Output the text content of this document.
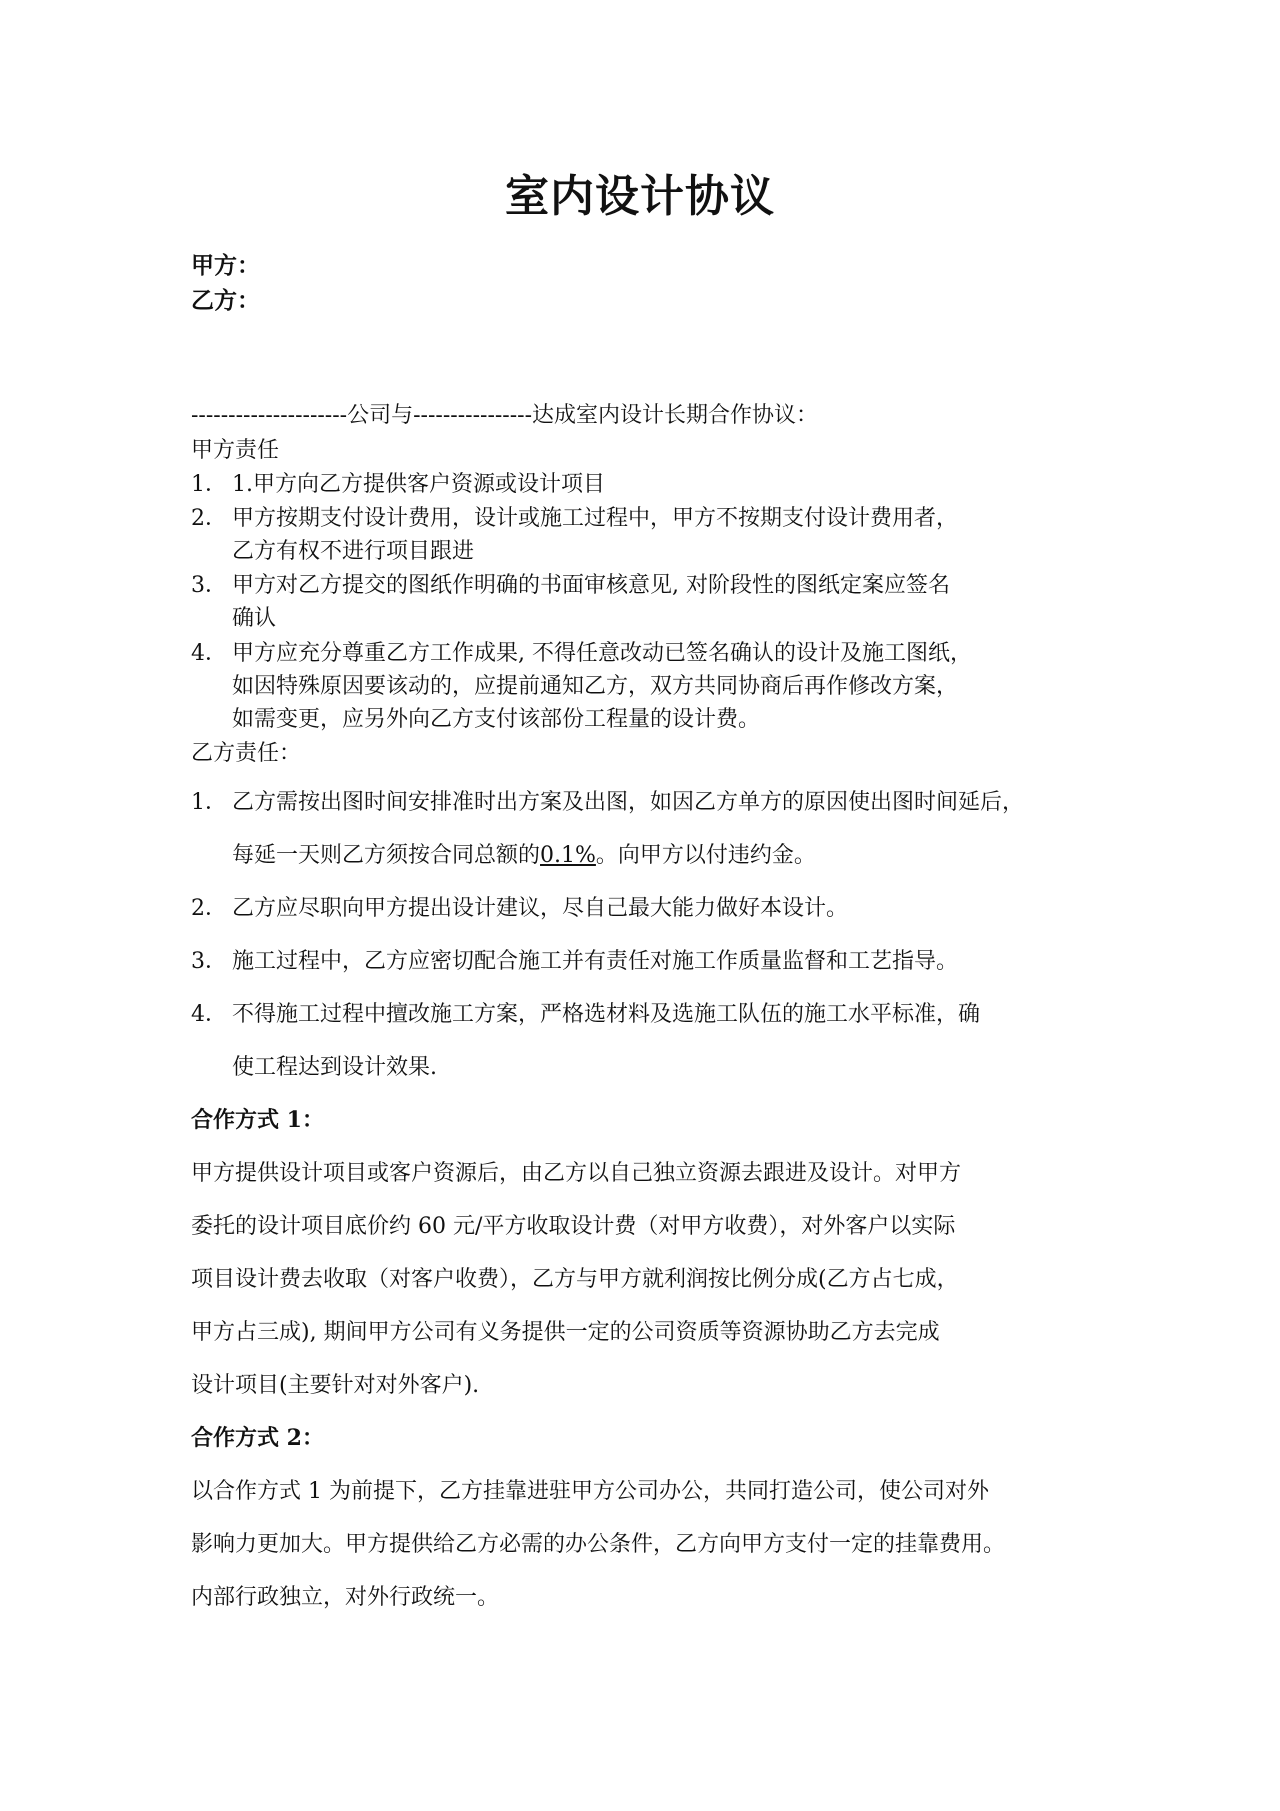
室内设计协议

甲方：

乙方：

---------------------公司与----------------达成室内设计长期合作协议：

甲方责任

1． 1.甲方向乙方提供客户资源或设计项目

2． 甲方按期支付设计费用，设计或施工过程中，甲方不按期支付设计费用者，

乙方有权不进行项目跟进

3． 甲方对乙方提交的图纸作明确的书面审核意见, 对阶段性的图纸定案应签名

确认

4． 甲方应充分尊重乙方工作成果, 不得任意改动已签名确认的设计及施工图纸，

如因特殊原因要该动的，应提前通知乙方，双方共同协商后再作修改方案，

如需变更，应另外向乙方支付该部份工程量的设计费。

乙方责任：

1． 乙方需按出图时间安排准时出方案及出图，如因乙方单方的原因使出图时间延后，

每延一天则乙方须按合同总额的0.1%。向甲方以付违约金。

2． 乙方应尽职向甲方提出设计建议，尽自己最大能力做好本设计。

3． 施工过程中，乙方应密切配合施工并有责任对施工作质量监督和工艺指导。

4． 不得施工过程中擅改施工方案，严格选材料及选施工队伍的施工水平标准，确

使工程达到设计效果.

合作方式 1：

甲方提供设计项目或客户资源后，由乙方以自己独立资源去跟进及设计。对甲方

委托的设计项目底价约 60 元/平方收取设计费（对甲方收费），对外客户以实际

项目设计费去收取（对客户收费），乙方与甲方就利润按比例分成(乙方占七成，

甲方占三成), 期间甲方公司有义务提供一定的公司资质等资源协助乙方去完成

设计项目(主要针对对外客户).

合作方式 2：

以合作方式 1 为前提下，乙方挂靠进驻甲方公司办公，共同打造公司，使公司对外

影响力更加大。甲方提供给乙方必需的办公条件，乙方向甲方支付一定的挂靠费用。

内部行政独立，对外行政统一。
